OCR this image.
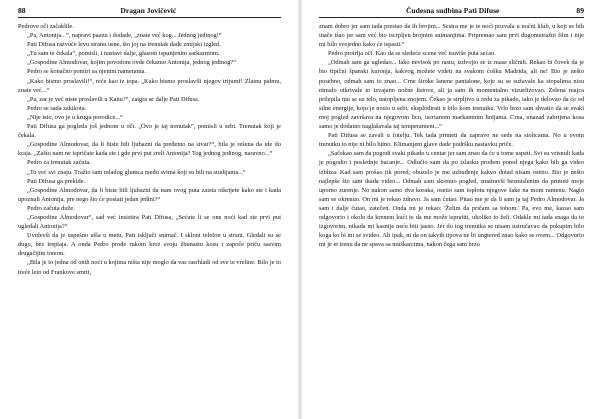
88	Dragan Jovičević

Pedrove oči začaklile.

„Pa, Antonija...“, napravi pauzu i dodade, „znate već kog... Jednog jedinog!“

Pati Difusa razvuče levu stranu usne, što joj na trenutak dade zmijski izgled.

„Tu sam te čekala“, pomisli, i nastavi dalje, glasom ispunjenim sarkazmom.

„Gospodine Almodovar, kojim povodom ovde čekamo Antonija, jednog jedinog?“

Pedro se konačno pomiri sa njenim namerama.

„Kako bismo proslavili!“, reče kao iz topa. „Kako bismo proslavili njegov trijumf! Zlatnu palmu, znate već...“

„Pa, zar je već niste proslavili u Kanu?“, zaigra se dalje Pati Difusa.

Pedro se sada zakikota.

„Nije isto, ovo je u krugu porodice...“

Pati Difusa ga pogleda još jednom u oči. „Ovo je taj trenutak“, pomisli u sebi. Trenutak koji je čekala.

„Gospodine Almodovar, da li biste bili ljubazni da pređemo na stvar?“, bila je rešena da ide do kraja. „Zašto nam ne ispričate kada ste i gde prvi put sreli Antonija? Tog jednog jedinog, naravno...“

Pedro za trenutak začuta.

„To već svi znaju. Tražio sam mladog glumca među svima koji su bili na studijama...“

Pati Difusa ga prekide.

„Gospodine Almodovar, da li biste bili ljubazni da nam ovog puta zaista otkrijete kako ste i kada upoznali Antonija, pre nego što će postati jedan jedini?“

Pedro začuta duže.

„Gospodine Almodovar“, sad već insistira Pati Difusa, „Sećate li se one noći kad ste prvi put ugledali Antonija?“

Uvidevši da je uspešno ušla u metu, Pati isključi snimač. I skloni telefon u strani. Gledali su se dugo, bez treptaja. A onda Pedro prođe rukom kroz svoju žbunastu kosu i započe priču sasvim drugačijim tonom.

„Bila je to jedna od onih noći u kojima ništa nije moglo da vas rasrhladi od sve te vreline. Bilo je to treće leto od Frankove smrti,

Čudesna sudbina Pati Difuse	89

znam dobro jer sam tada prestao da ih brojim... Sestra me je te noći pozvala u noćni klub, u koji se bih inače išao jer sam već bio iscrpljen brojnim snimanjima. Pripremao sam prvi dugometražni film i nije mi bilo svejedno kako će ispasti.“

Pedro protrlja oči. Kao da se sledeće scene već isuviše puta sećao.

„Odmah sam ga ugledao... Iako nevisok po rastu, izdvojio se iz mase sličnih. Rekao bi čovek da je bio tipični španski kuronja, kakvog možete videti na svakom ćošku Madrida, ali ne! Bio je nešto posebno, odmah sam to znao... Crne široke lanene pantalone, koje su se sužavale ka stopalima nisu nimalo otkrivale to izvajano nožne listove, ali ja sam ih momentalno vizuelizovao. Zelena majca prilepila mu se uz telo, natopljena znojem. Čekao je strpljivo u redu za pikado, iako je delovao da će od silne energije, koju je nosio u sebi, eksplodirati u bilo kom trenutku. Vrlo brzo sam shvatio da se svaki moj pogled završava na njegovom licu, iscrtanom markantnim linijama. Crna, unazad zabrijena kosa samo je dodatno naglašavala taj temperament...“

Pati Difusa se zavali u fotelju. Tek tada primeti da zapravo ne sede na stolicama. No u ovom trenutku to nije ni bilo bitno. Klimanjem glave dade podršku nastavku priče.

„Sačekao sam da pogodi svaki pikado u centar jer sam znao da će u tome uspeti. Svi su vrisnuli kada je pogodio i poslednje bacanje... Odlučio sam da po izlasku prođem pored njega kako bih ga video izbliza. Kad sam prošao tik pored, obuzelo je me uzbuđenje kakvo dotad nisam osetio. Bio je nešto najlepše što sam ikada video... Odmah sam skrenuo pogled, smatravši besmislenim da primeti moje uporno zurenje. No nakon samo dva koraka, osetio sam toplotu njegove šake na mom ramenu. Naglo sam se okrenuo. On mi je rekao zdravo. Ja sam ćutao. Pitao me je da li sam ja taj Pedro Almodovar. Ja sam i dalje ćutao, zatečen. Onda mi je rekao: 'Želim da pričam sa tobom.' Pa, evo me, kazao sam odgovorio i okolo da krenem kući te da me može ispratiti, ukoliko to želi. Odakle mi tada snaga da to izgovorim, nikada mi kasnije neće biti jasno. Jer do tog trenutka se nisam ustručavao da pokupim bilo koga ko bi mi se svideo. Ali ipak, ni da on takvih tipova ne bi ungtered znao kako se ovem... Odgovorio mi je et trenu da ne spava sa muškarcima, nakon čega sam brzo
